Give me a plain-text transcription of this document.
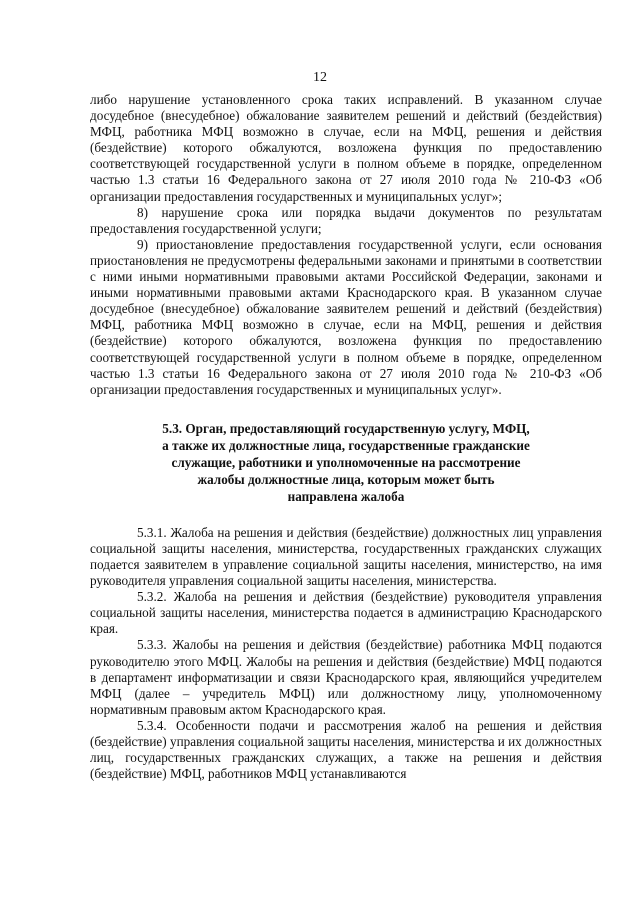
12

либо нарушение установленного срока таких исправлений. В указанном случае досудебное (внесудебное) обжалование заявителем решений и действий (бездействия) МФЦ, работника МФЦ возможно в случае, если на МФЦ, решения и действия (бездействие) которого обжалуются, возложена функция по предоставлению соответствующей государственной услуги в полном объеме в порядке, определенном частью 1.3 статьи 16 Федерального закона от 27 июля 2010 года № 210-ФЗ «Об организации предоставления государственных и муниципальных услуг»;

8) нарушение срока или порядка выдачи документов по результатам предоставления государственной услуги;

9) приостановление предоставления государственной услуги, если основания приостановления не предусмотрены федеральными законами и принятыми в соответствии с ними иными нормативными правовыми актами Российской Федерации, законами и иными нормативными правовыми актами Краснодарского края. В указанном случае досудебное (внесудебное) обжалование заявителем решений и действий (бездействия) МФЦ, работника МФЦ возможно в случае, если на МФЦ, решения и действия (бездействие) которого обжалуются, возложена функция по предоставлению соответствующей государственной услуги в полном объеме в порядке, определенном частью 1.3 статьи 16 Федерального закона от 27 июля 2010 года № 210-ФЗ «Об организации предоставления государственных и муниципальных услуг».

5.3. Орган, предоставляющий государственную услугу, МФЦ,
а также их должностные лица, государственные гражданские
служащие, работники и уполномоченные на рассмотрение
жалобы должностные лица, которым может быть
направлена жалоба

5.3.1. Жалоба на решения и действия (бездействие) должностных лиц управления социальной защиты населения, министерства, государственных гражданских служащих подается заявителем в управление социальной защиты населения, министерство, на имя руководителя управления социальной защиты населения, министерства.

5.3.2. Жалоба на решения и действия (бездействие) руководителя управления социальной защиты населения, министерства подается в администрацию Краснодарского края.

5.3.3. Жалобы на решения и действия (бездействие) работника МФЦ подаются руководителю этого МФЦ. Жалобы на решения и действия (бездействие) МФЦ подаются в департамент информатизации и связи Краснодарского края, являющийся учредителем МФЦ (далее – учредитель МФЦ) или должностному лицу, уполномоченному нормативным правовым актом Краснодарского края.

5.3.4. Особенности подачи и рассмотрения жалоб на решения и действия (бездействие) управления социальной защиты населения, министерства и их должностных лиц, государственных гражданских служащих, а также на решения и действия (бездействие) МФЦ, работников МФЦ устанавливаются
